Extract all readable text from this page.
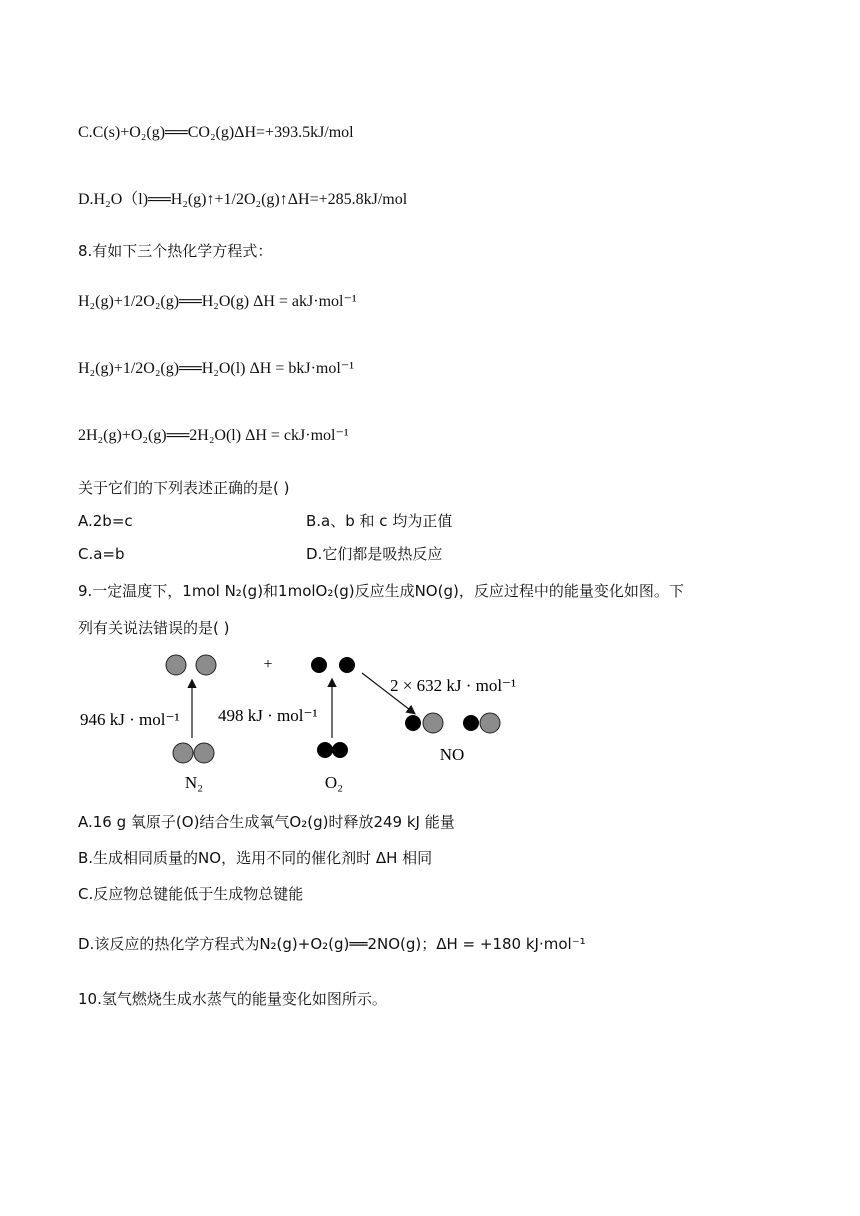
C.C(s)+O₂(g)══CO₂(g)ΔH=+393.5kJ/mol
D.H₂O（l)══H₂(g)↑+1/2O₂(g)↑ΔH=+285.8kJ/mol
8.有如下三个热化学方程式：
H₂(g)+1/2O₂(g)══H₂O(g) ΔH = akJ·mol⁻¹
H₂(g)+1/2O₂(g)══H₂O(l) ΔH = bkJ·mol⁻¹
2H₂(g)+O₂(g)══2H₂O(l) ΔH = ckJ·mol⁻¹
关于它们的下列表述正确的是( )
A.2b=c	B.a、b 和 c 均为正值
C.a=b	D.它们都是吸热反应
9.一定温度下，1mol N₂(g)和1molO₂(g)反应生成NO(g)，反应过程中的能量变化如图。下
列有关说法错误的是( )
+
946 kJ · mol⁻¹ 498 kJ · mol⁻¹
2 × 632 kJ · mol⁻¹
N₂	O₂
NO
A.16 g 氧原子(O)结合生成氧气O₂(g)时释放249 kJ 能量
B.生成相同质量的NO，选用不同的催化剂时 ΔH 相同
C.反应物总键能低于生成物总键能
D.该反应的热化学方程式为N₂(g)+O₂(g)══2NO(g)；ΔH = +180 kJ·mol⁻¹
10.氢气燃烧生成水蒸气的能量变化如图所示。
